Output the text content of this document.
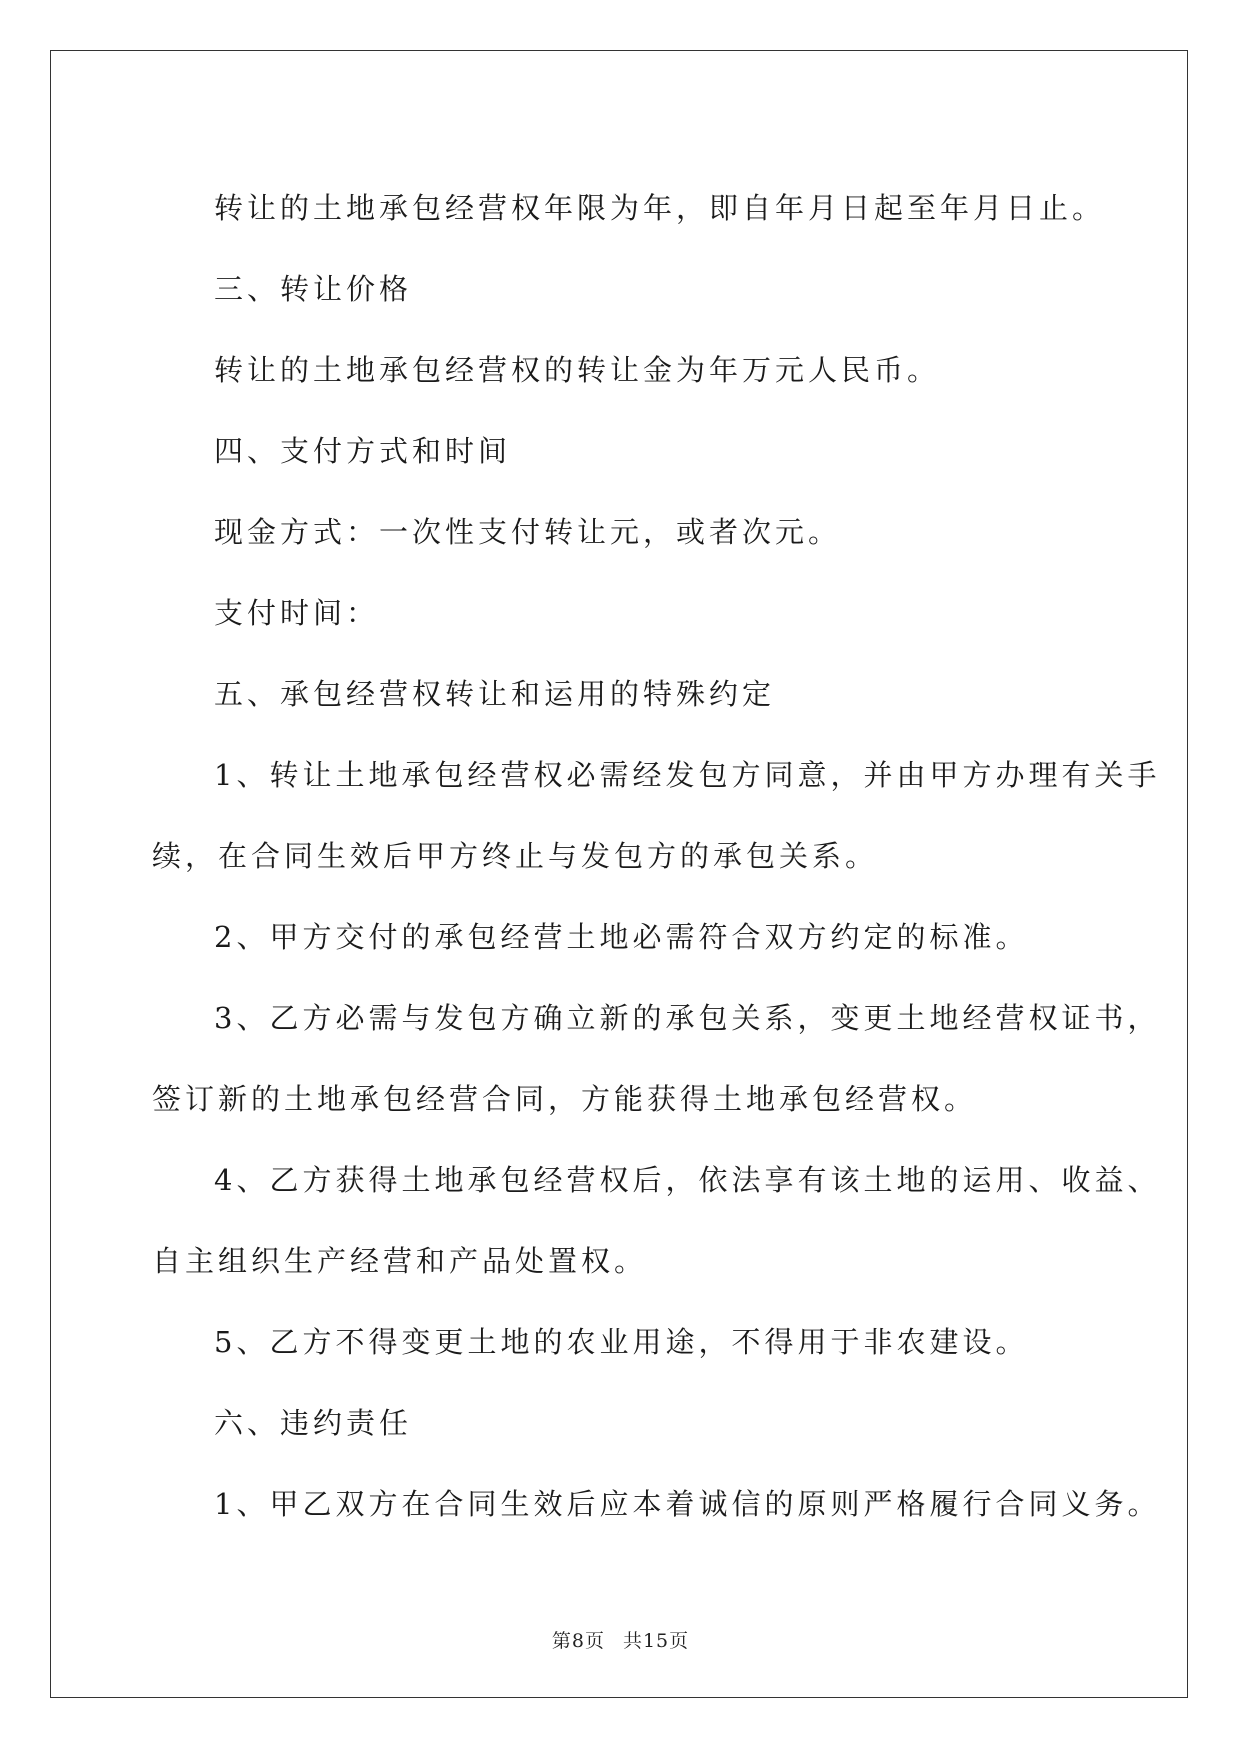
转让的土地承包经营权年限为年，即自年月日起至年月日止。

三、转让价格

转让的土地承包经营权的转让金为年万元人民币。

四、支付方式和时间

现金方式：一次性支付转让元，或者次元。

支付时间：

五、承包经营权转让和运用的特殊约定

1、转让土地承包经营权必需经发包方同意，并由甲方办理有关手

续，在合同生效后甲方终止与发包方的承包关系。

2、甲方交付的承包经营土地必需符合双方约定的标准。

3、乙方必需与发包方确立新的承包关系，变更土地经营权证书，

签订新的土地承包经营合同，方能获得土地承包经营权。

4、乙方获得土地承包经营权后，依法享有该土地的运用、收益、

自主组织生产经营和产品处置权。

5、乙方不得变更土地的农业用途，不得用于非农建设。

六、违约责任

1、甲乙双方在合同生效后应本着诚信的原则严格履行合同义务。

第8页 共15页
